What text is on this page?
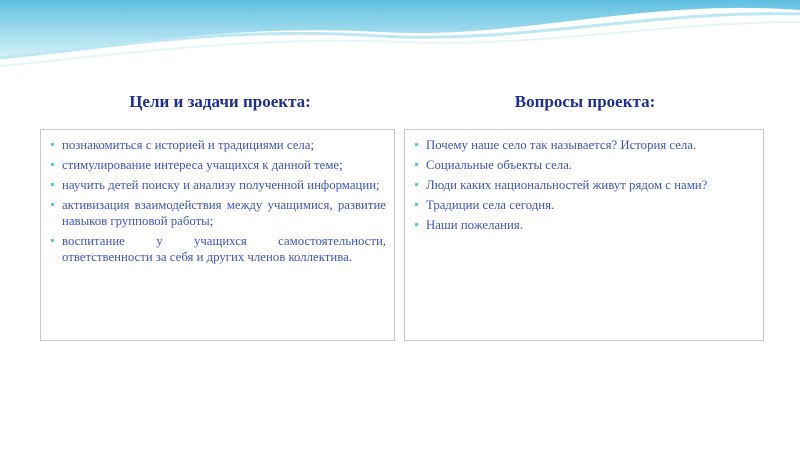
Цели и задачи проекта:	Вопросы проекта:
познакомиться с историей и традициями села;
стимулирование интереса учащихся к данной теме;
научить детей поиску и анализу полученной информации;
активизация взаимодействия между учащимися, развитие навыков групповой работы;
воспитание у учащихся самостоятельности, ответственности за себя и других членов коллектива.
Почему наше село так называется? История села.
Социальные объекты села.
Люди каких национальностей живут рядом с нами?
Традиции села сегодня.
Наши пожелания.
